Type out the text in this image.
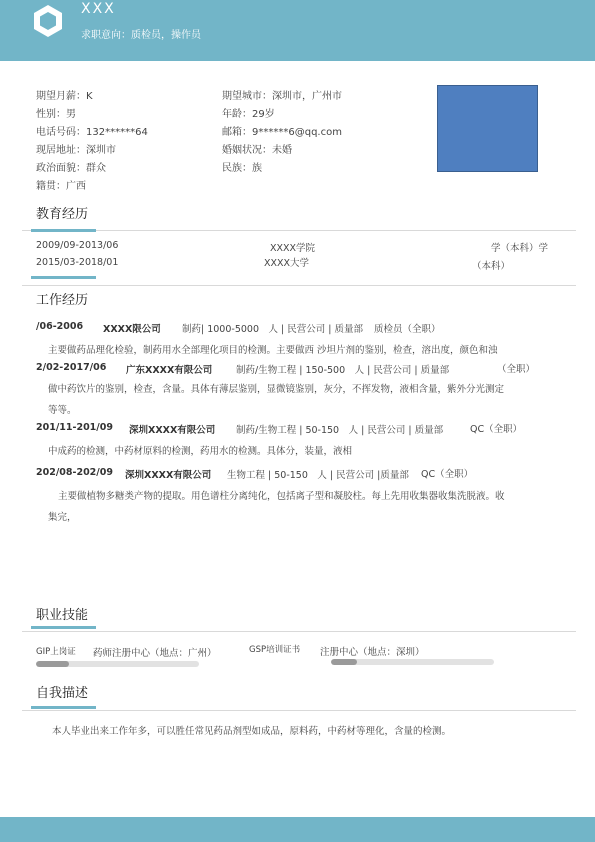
XXX
求职意向：质检员，操作员
期望月薪：K
性别：男
电话号码：132******64
现居地址：深圳市
政治面貌：群众
籍贯：广西
期望城市：深圳市，广州市
年龄：29岁
邮箱：9******6@qq.com
婚姻状况：未婚
民族：族
教育经历
2009/09-2013/06	XXXX学院	学（本科）学
2015/03-2018/01	XXXX大学	（本科）
工作经历
/06-2006 XXXX限公司 制药| 1000-5000　人 | 民营公司 | 质量部 质检员（全职）
主要做药品理化检验，制药用水全部理化项目的检测。主要做西 沙坦片剂的鉴别，检查，溶出度，颜色和浊
2/02-2017/06 广东XXXX有限公司 制药/生物工程 | 150-500　人 | 民营公司 | 质量部	（全职）
做中药饮片的鉴别，检查，含量。具体有薄层鉴别，显微镜鉴别，灰分，不挥发物，液相含量，紫外分光测定
等等。
201/11-201/09 深圳XXXX有限公司 制药/生物工程 | 50-150　人 | 民营公司 | 质量部	QC（全职）
中成药的检测，中药材原料的检测，药用水的检测。具体分，装量，液相
202/08-202/09 深圳XXXX有限公司 生物工程 | 50-150　人 | 民营公司 |质量部 QC（全职）
主要做植物多糖类产物的提取。用色谱柱分离纯化，包括离子型和凝胶柱。每上先用收集器收集洗脱液。收
集完，
职业技能
GIP上岗证 药师注册中心（地点：广州）	GSP培训证书 注册中心（地点：深圳）
自我描述
本人毕业出来工作年多，可以胜任常见药品剂型如成品，原料药，中药材等理化，含量的检测。
